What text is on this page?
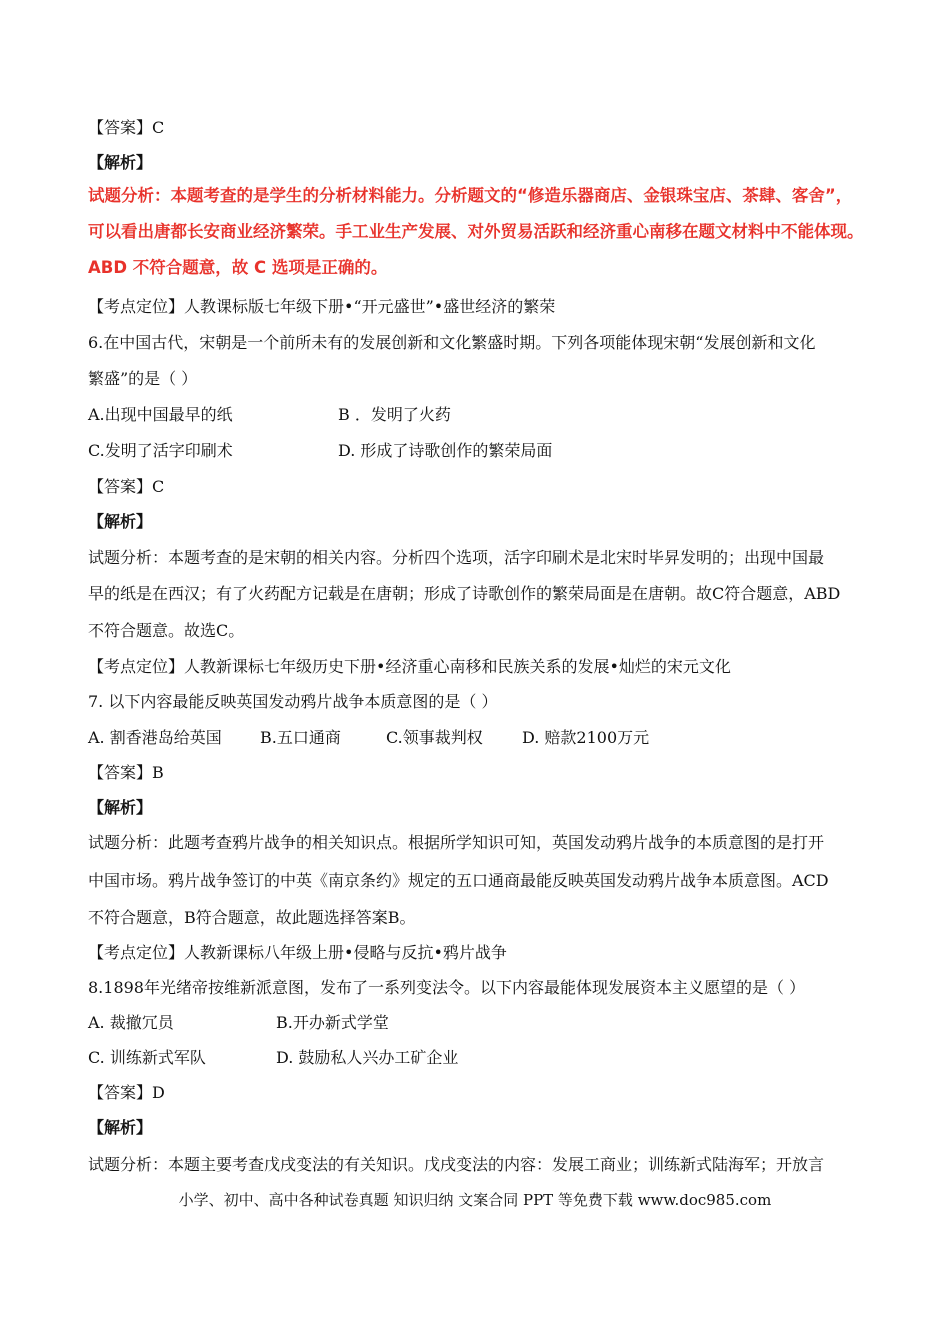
【答案】C
【解析】
试题分析：本题考查的是学生的分析材料能力。分析题文的“修造乐器商店、金银珠宝店、茶肆、客舍”，
可以看出唐都长安商业经济繁荣。手工业生产发展、对外贸易活跃和经济重心南移在题文材料中不能体现。
ABD 不符合题意，故 C 选项是正确的。
【考点定位】人教课标版七年级下册•“开元盛世”•盛世经济的繁荣
6.在中国古代，宋朝是一个前所未有的发展创新和文化繁盛时期。下列各项能体现宋朝“发展创新和文化
繁盛”的是（ ）
A.出现中国最早的纸	B ．发明了火药
C.发明了活字印刷术	D. 形成了诗歌创作的繁荣局面
【答案】C
【解析】
试题分析：本题考查的是宋朝的相关内容。分析四个选项，活字印刷术是北宋时毕昇发明的；出现中国最
早的纸是在西汉；有了火药配方记载是在唐朝；形成了诗歌创作的繁荣局面是在唐朝。故C符合题意，ABD
不符合题意。故选C。
【考点定位】人教新课标七年级历史下册•经济重心南移和民族关系的发展•灿烂的宋元文化
7. 以下内容最能反映英国发动鸦片战争本质意图的是（ ）
A. 割香港岛给英国 B.五口通商	C.领事裁判权 D. 赔款2100万元
【答案】B
【解析】
试题分析：此题考查鸦片战争的相关知识点。根据所学知识可知，英国发动鸦片战争的本质意图的是打开
中国市场。鸦片战争签订的中英《南京条约》规定的五口通商最能反映英国发动鸦片战争本质意图。ACD
不符合题意，B符合题意，故此题选择答案B。
【考点定位】人教新课标八年级上册•侵略与反抗•鸦片战争
8.1898年光绪帝按维新派意图，发布了一系列变法令。以下内容最能体现发展资本主义愿望的是（ ）
A. 裁撤冗员	B.开办新式学堂
C. 训练新式军队	D. 鼓励私人兴办工矿企业
【答案】D
【解析】
试题分析：本题主要考查戊戌变法的有关知识。戊戌变法的内容：发展工商业；训练新式陆海军；开放言
小学、初中、高中各种试卷真题 知识归纳 文案合同 PPT 等免费下载 www.doc985.com
